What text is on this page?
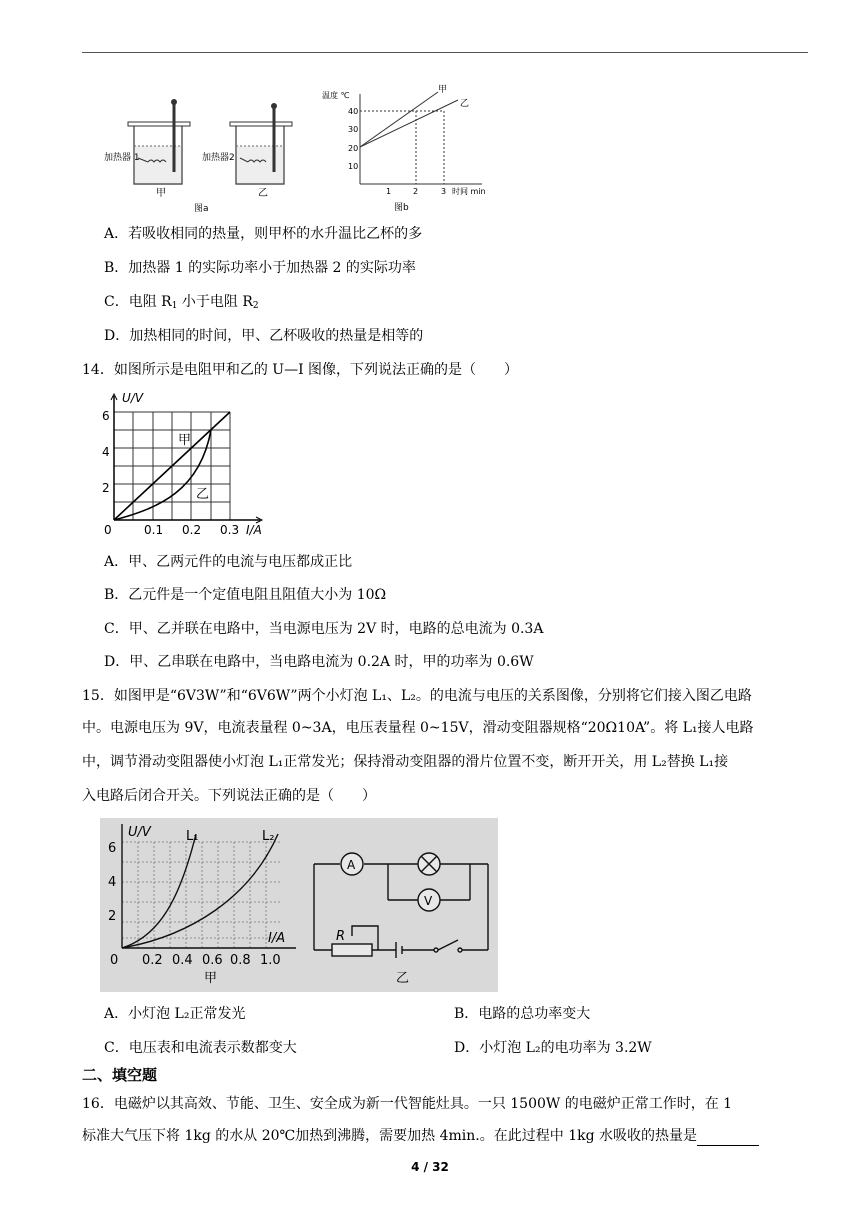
加热器 1
甲
加热器2
乙
图a
温度 ℃
10
20
30
40
1	2	3 时间 min
甲
乙
图b
A．若吸收相同的热量，则甲杯的水升温比乙杯的多
B．加热器 1 的实际功率小于加热器 2 的实际功率
C．电阻 $R_1$ 小于电阻 $R_2$
D．加热相同的时间，甲、乙杯吸收的热量是相等的
14．如图所示是电阻甲和乙的 U—I 图像，下列说法正确的是（　　）
U/V
2
4
6
0	0.1 0.2 0.3 I/A
甲
乙
A．甲、乙两元件的电流与电压都成正比
B．乙元件是一个定值电阻且阻值大小为 10Ω
C．甲、乙并联在电路中，当电源电压为 2V 时，电路的总电流为 0.3A
D．甲、乙串联在电路中，当电路电流为 0.2A 时，甲的功率为 0.6W
15．如图甲是“6V3W”和“6V6W”两个小灯泡 L₁、L₂。的电流与电压的关系图像，分别将它们接入图乙电路
中。电源电压为 9V，电流表量程 0~3A，电压表量程 0~15V，滑动变阻器规格“20Ω10A”。将 L₁接人电路
中，调节滑动变阻器使小灯泡 L₁正常发光；保持滑动变阻器的滑片位置不变，断开开关，用 L₂替换 L₁接
入电路后闭合开关。下列说法正确的是（　　）
U/V
6
4
2
0 0.2 0.4 0.6 0.8 1.0
I/A
L₁	L₂
甲
A
V
R
乙
A．小灯泡 L₂正常发光	B．电路的总功率变大
C．电压表和电流表示数都变大	D．小灯泡 L₂的电功率为 3.2W
二、填空题
16．电磁炉以其高效、节能、卫生、安全成为新一代智能灶具。一只 1500W 的电磁炉正常工作时，在 1
标准大气压下将 1kg 的水从 20℃加热到沸腾，需要加热 4min.。在此过程中 1kg 水吸收的热量是
4 / 32
